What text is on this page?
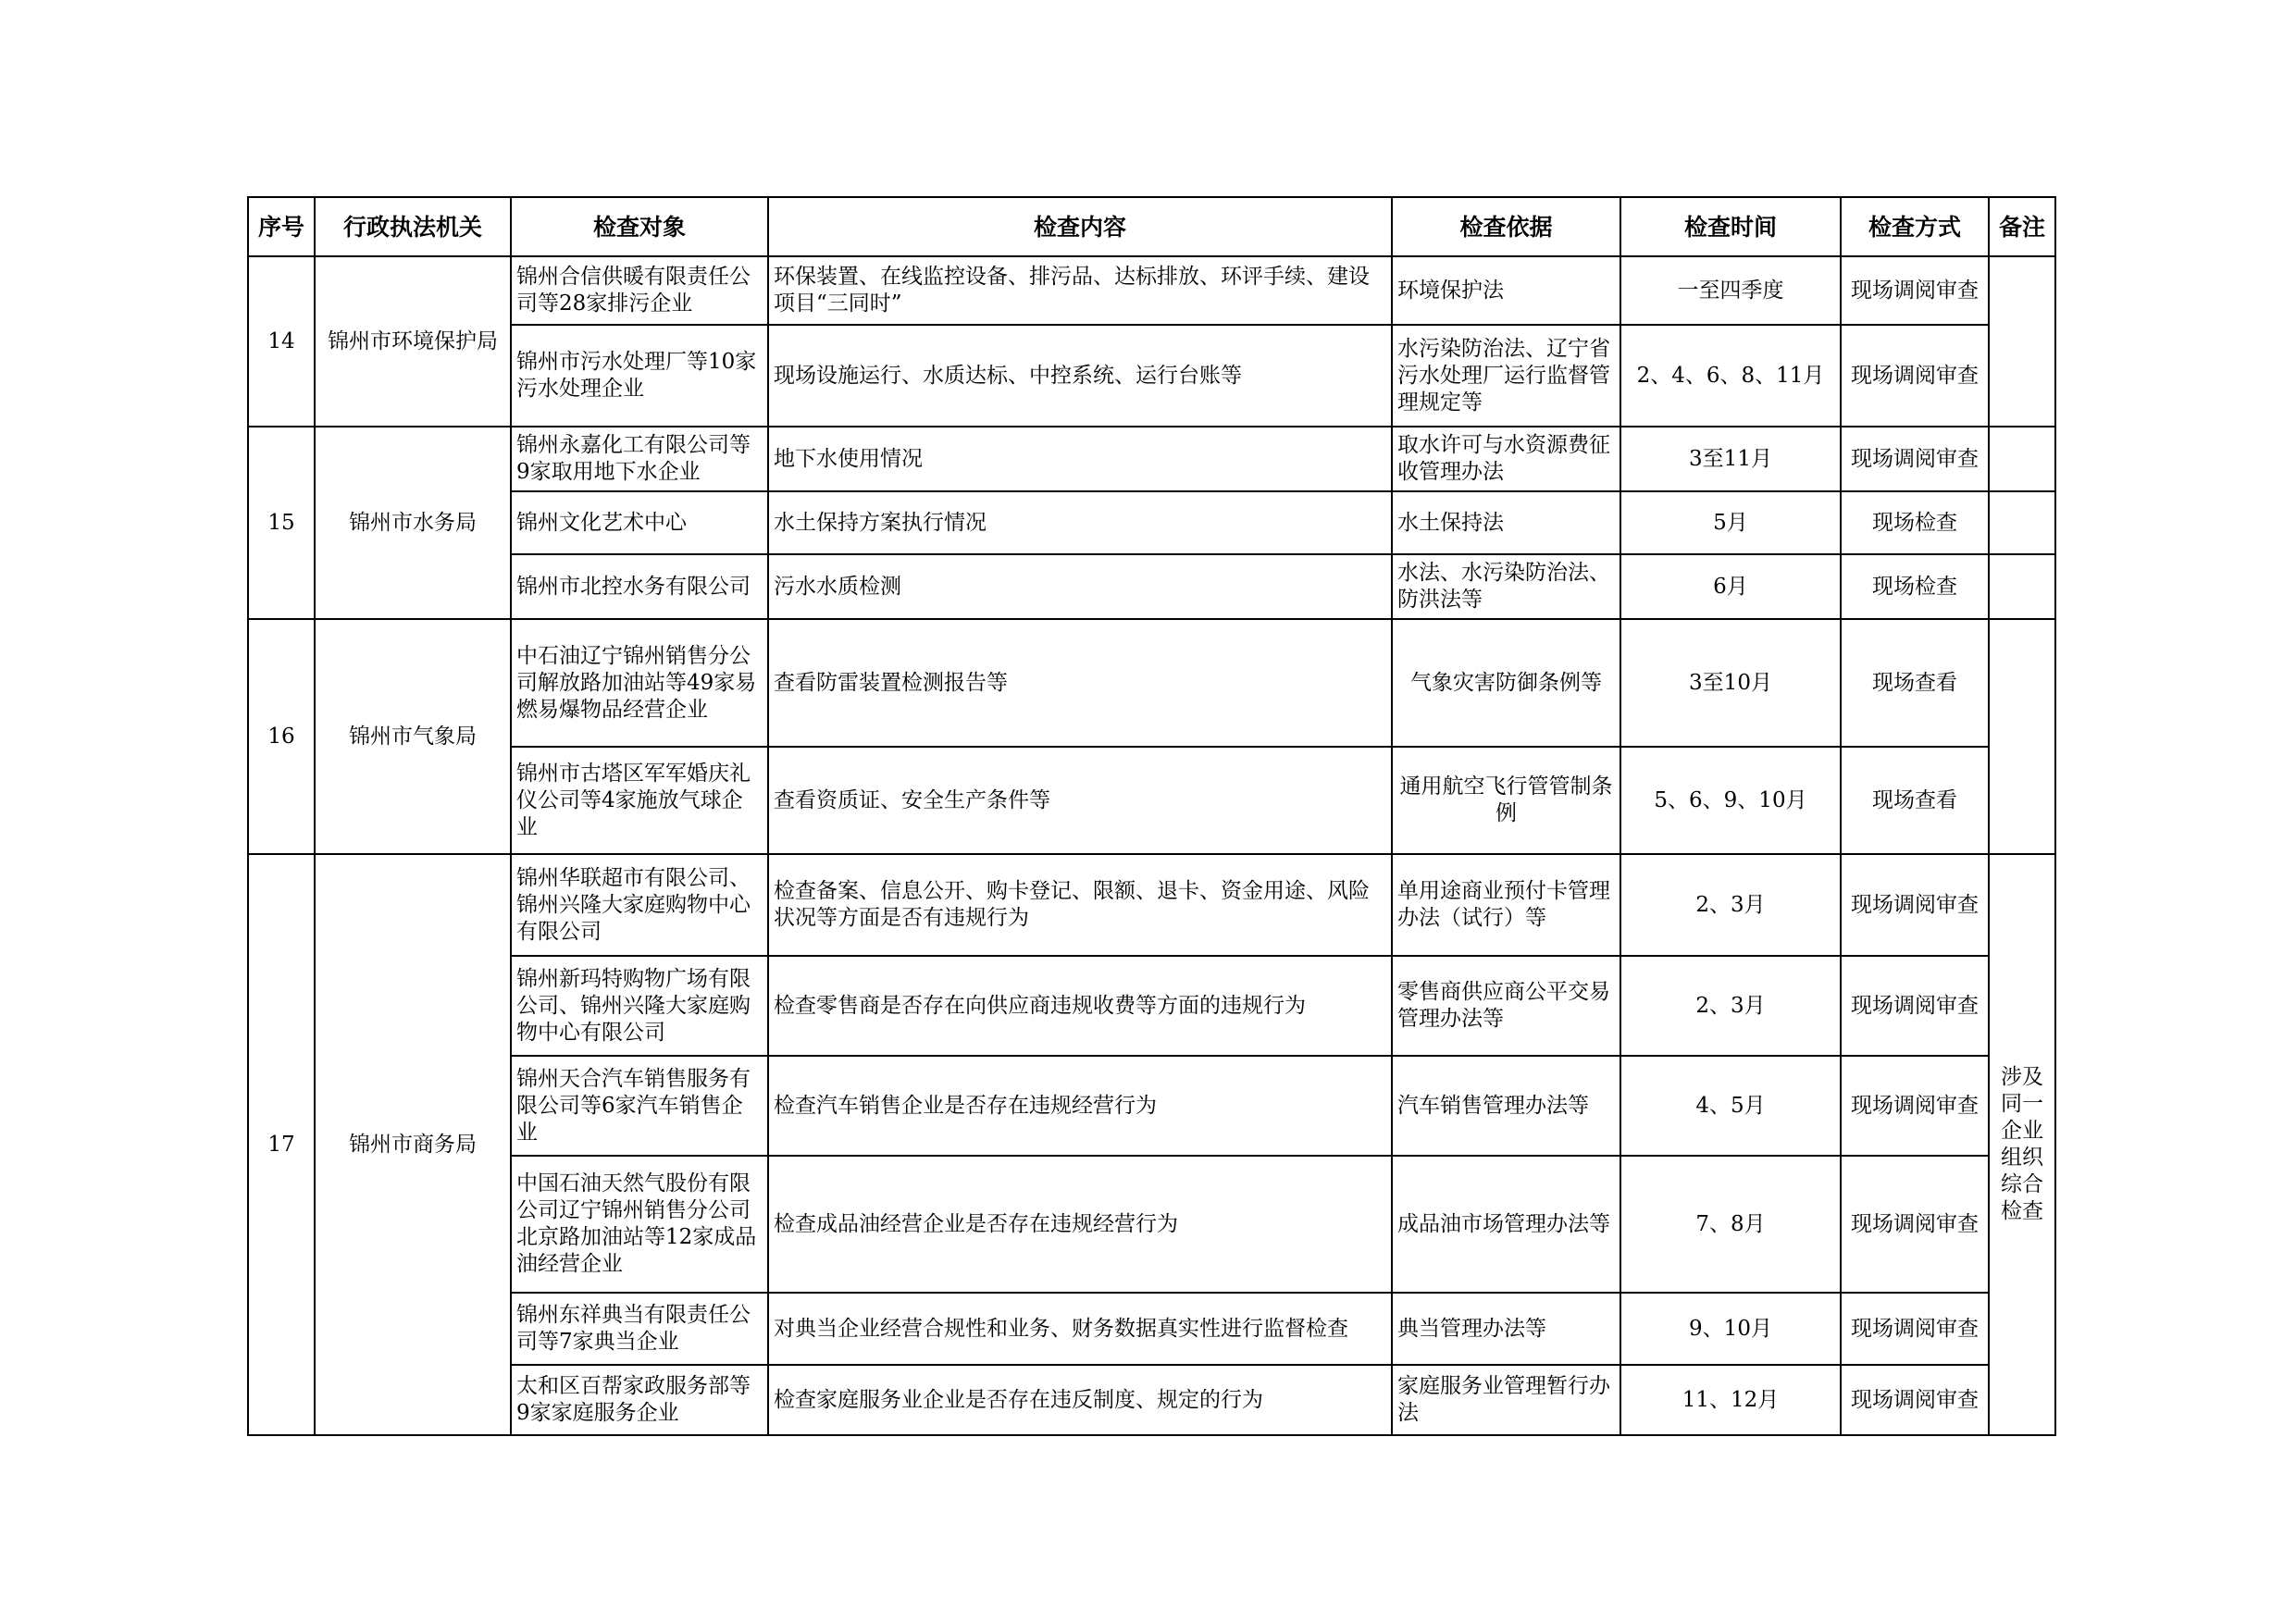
序号	行政执法机关	检查对象	检查内容	检查依据	检查时间	检查方式	备注
14	锦州市环境保护局	锦州合信供暖有限责任公司等28家排污企业	环保装置、在线监控设备、排污品、达标排放、环评手续、建设项目“三同时”	环境保护法	一至四季度	现场调阅审查	
		锦州市污水处理厂等10家污水处理企业	现场设施运行、水质达标、中控系统、运行台账等	水污染防治法、辽宁省污水处理厂运行监督管理规定等	2、4、6、8、11月	现场调阅审查	
15	锦州市水务局	锦州永嘉化工有限公司等9家取用地下水企业	地下水使用情况	取水许可与水资源费征收管理办法	3至11月	现场调阅审查	
		锦州文化艺术中心	水土保持方案执行情况	水土保持法	5月	现场检查	
		锦州市北控水务有限公司	污水水质检测	水法、水污染防治法、防洪法等	6月	现场检查	
16	锦州市气象局	中石油辽宁锦州销售分公司解放路加油站等49家易燃易爆物品经营企业	查看防雷装置检测报告等	气象灾害防御条例等	3至10月	现场查看	
		锦州市古塔区军军婚庆礼仪公司等4家施放气球企业	查看资质证、安全生产条件等	通用航空飞行管管制条例	5、6、9、10月	现场查看	
17	锦州市商务局	锦州华联超市有限公司、锦州兴隆大家庭购物中心有限公司	检查备案、信息公开、购卡登记、限额、退卡、资金用途、风险状况等方面是否有违规行为	单用途商业预付卡管理办法（试行）等	2、3月	现场调阅审查	涉及同一企业组织综合检查
		锦州新玛特购物广场有限公司、锦州兴隆大家庭购物中心有限公司	检查零售商是否存在向供应商违规收费等方面的违规行为	零售商供应商公平交易管理办法等	2、3月	现场调阅审查	
		锦州天合汽车销售服务有限公司等6家汽车销售企业	检查汽车销售企业是否存在违规经营行为	汽车销售管理办法等	4、5月	现场调阅审查	
		中国石油天然气股份有限公司辽宁锦州销售分公司北京路加油站等12家成品油经营企业	检查成品油经营企业是否存在违规经营行为	成品油市场管理办法等	7、8月	现场调阅审查	
		锦州东祥典当有限责任公司等7家典当企业	对典当企业经营合规性和业务、财务数据真实性进行监督检查	典当管理办法等	9、10月	现场调阅审查	
		太和区百帮家政服务部等9家家庭服务企业	检查家庭服务业企业是否存在违反制度、规定的行为	家庭服务业管理暂行办法	11、12月	现场调阅审查	
